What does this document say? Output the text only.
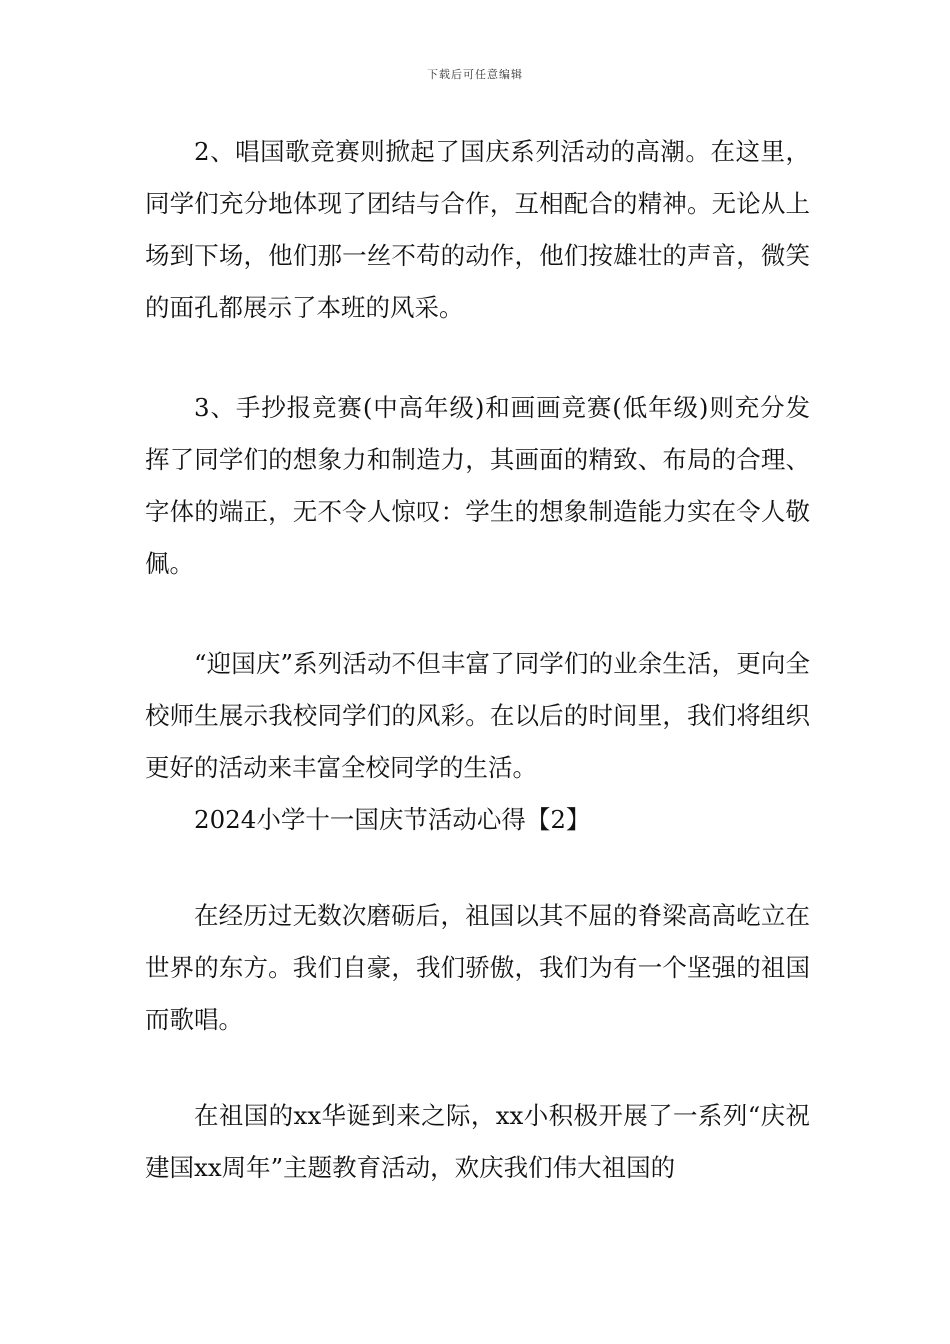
下载后可任意编辑

2、唱国歌竞赛则掀起了国庆系列活动的高潮。在这里，同学们充分地体现了团结与合作，互相配合的精神。无论从上场到下场，他们那一丝不苟的动作，他们按雄壮的声音，微笑的面孔都展示了本班的风采。

3、手抄报竞赛(中高年级)和画画竞赛(低年级)则充分发挥了同学们的想象力和制造力，其画面的精致、布局的合理、字体的端正，无不令人惊叹：学生的想象制造能力实在令人敬佩。

“迎国庆”系列活动不但丰富了同学们的业余生活，更向全校师生展示我校同学们的风彩。在以后的时间里，我们将组织更好的活动来丰富全校同学的生活。

2024小学十一国庆节活动心得【2】

在经历过无数次磨砺后，祖国以其不屈的脊梁高高屹立在世界的东方。我们自豪，我们骄傲，我们为有一个坚强的祖国而歌唱。

在祖国的xx华诞到来之际，xx小积极开展了一系列“庆祝建国xx周年”主题教育活动，欢庆我们伟大祖国的
